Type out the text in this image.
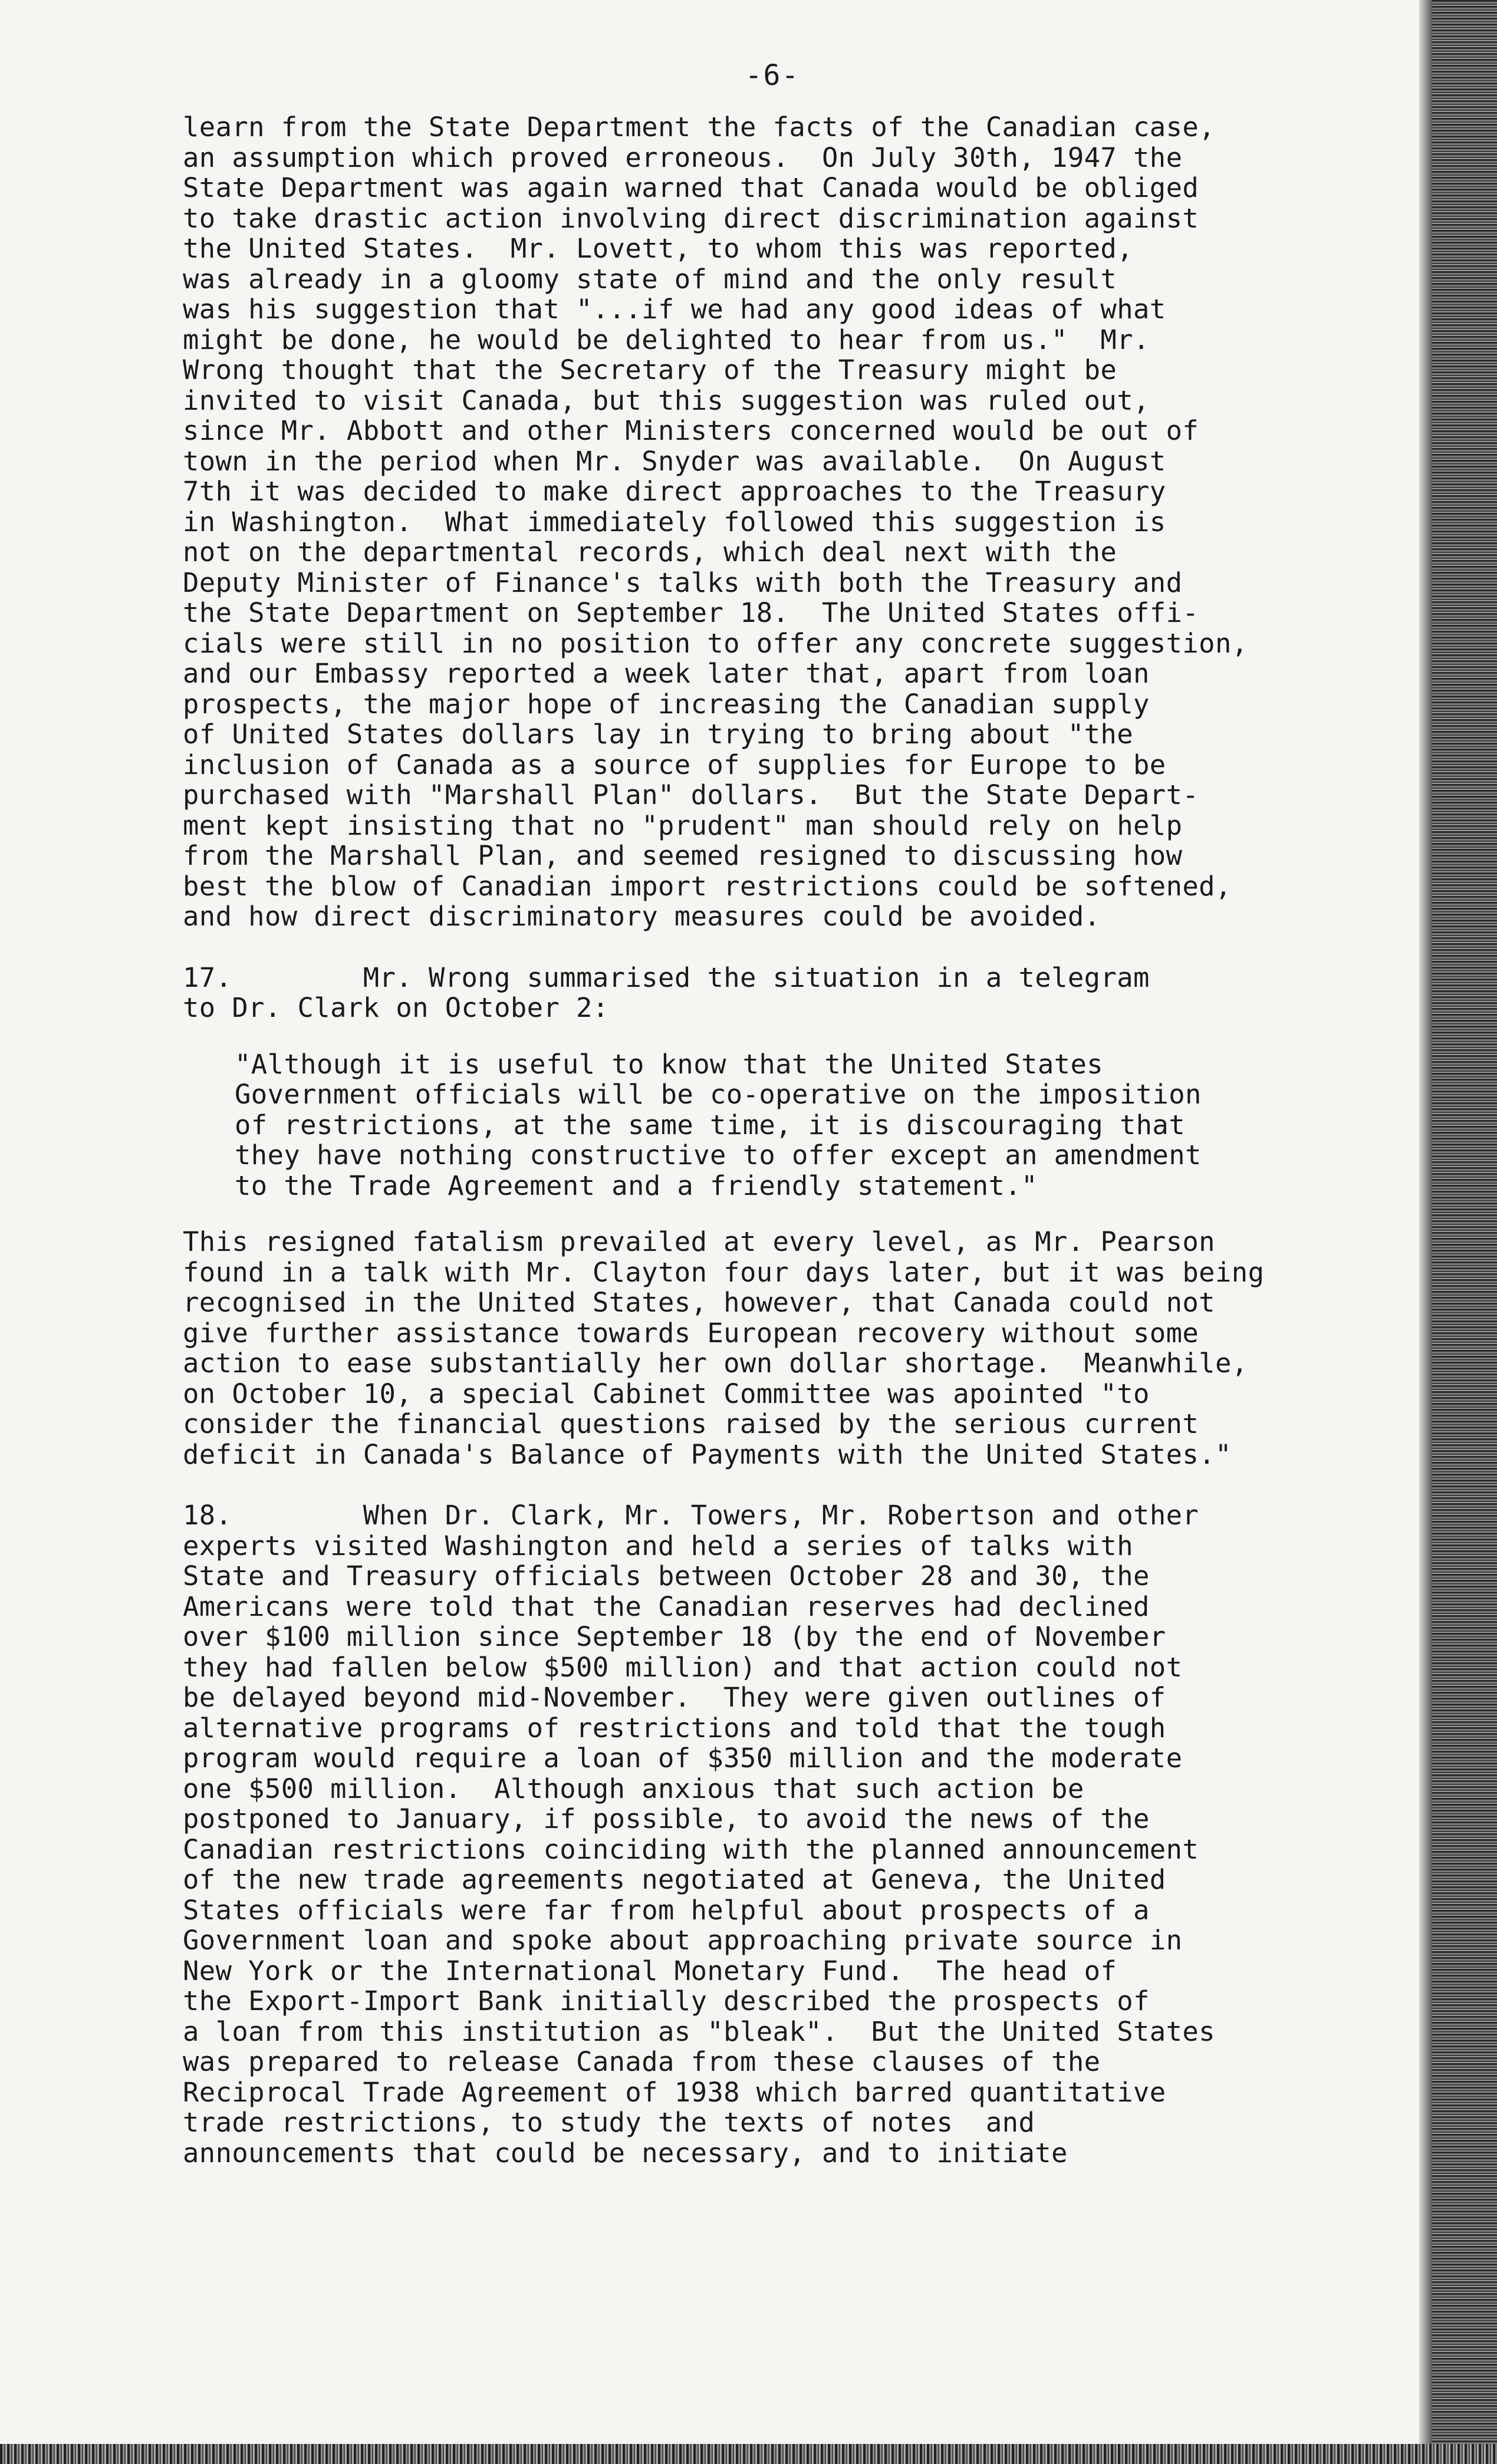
-6-
learn from the State Department the facts of the Canadian case,
an assumption which proved erroneous.  On July 30th, 1947 the
State Department was again warned that Canada would be obliged
to take drastic action involving direct discrimination against
the United States.  Mr. Lovett, to whom this was reported,
was already in a gloomy state of mind and the only result
was his suggestion that "...if we had any good ideas of what
might be done, he would be delighted to hear from us."  Mr.
Wrong thought that the Secretary of the Treasury might be
invited to visit Canada, but this suggestion was ruled out,
since Mr. Abbott and other Ministers concerned would be out of
town in the period when Mr. Snyder was available.  On August
7th it was decided to make direct approaches to the Treasury
in Washington.  What immediately followed this suggestion is
not on the departmental records, which deal next with the
Deputy Minister of Finance's talks with both the Treasury and
the State Department on September 18.  The United States offi-
cials were still in no position to offer any concrete suggestion,
and our Embassy reported a week later that, apart from loan
prospects, the major hope of increasing the Canadian supply
of United States dollars lay in trying to bring about "the
inclusion of Canada as a source of supplies for Europe to be
purchased with "Marshall Plan" dollars.  But the State Depart-
ment kept insisting that no "prudent" man should rely on help
from the Marshall Plan, and seemed resigned to discussing how
best the blow of Canadian import restrictions could be softened,
and how direct discriminatory measures could be avoided.
17.	Mr. Wrong summarised the situation in a telegram
to Dr. Clark on October 2:
"Although it is useful to know that the United States
Government officials will be co-operative on the imposition
of restrictions, at the same time, it is discouraging that
they have nothing constructive to offer except an amendment
to the Trade Agreement and a friendly statement."
This resigned fatalism prevailed at every level, as Mr. Pearson
found in a talk with Mr. Clayton four days later, but it was being
recognised in the United States, however, that Canada could not
give further assistance towards European recovery without some
action to ease substantially her own dollar shortage.  Meanwhile,
on October 10, a special Cabinet Committee was apointed "to
consider the financial questions raised by the serious current
deficit in Canada's Balance of Payments with the United States."
18.	When Dr. Clark, Mr. Towers, Mr. Robertson and other
experts visited Washington and held a series of talks with
State and Treasury officials between October 28 and 30, the
Americans were told that the Canadian reserves had declined
over $100 million since September 18 (by the end of November
they had fallen below $500 million) and that action could not
be delayed beyond mid-November.  They were given outlines of
alternative programs of restrictions and told that the tough
program would require a loan of $350 million and the moderate
one $500 million.  Although anxious that such action be
postponed to January, if possible, to avoid the news of the
Canadian restrictions coinciding with the planned announcement
of the new trade agreements negotiated at Geneva, the United
States officials were far from helpful about prospects of a
Government loan and spoke about approaching private source in
New York or the International Monetary Fund.  The head of
the Export-Import Bank initially described the prospects of
a loan from this institution as "bleak".  But the United States
was prepared to release Canada from these clauses of the
Reciprocal Trade Agreement of 1938 which barred quantitative
trade restrictions, to study the texts of notes  and
announcements that could be necessary, and to initiate
